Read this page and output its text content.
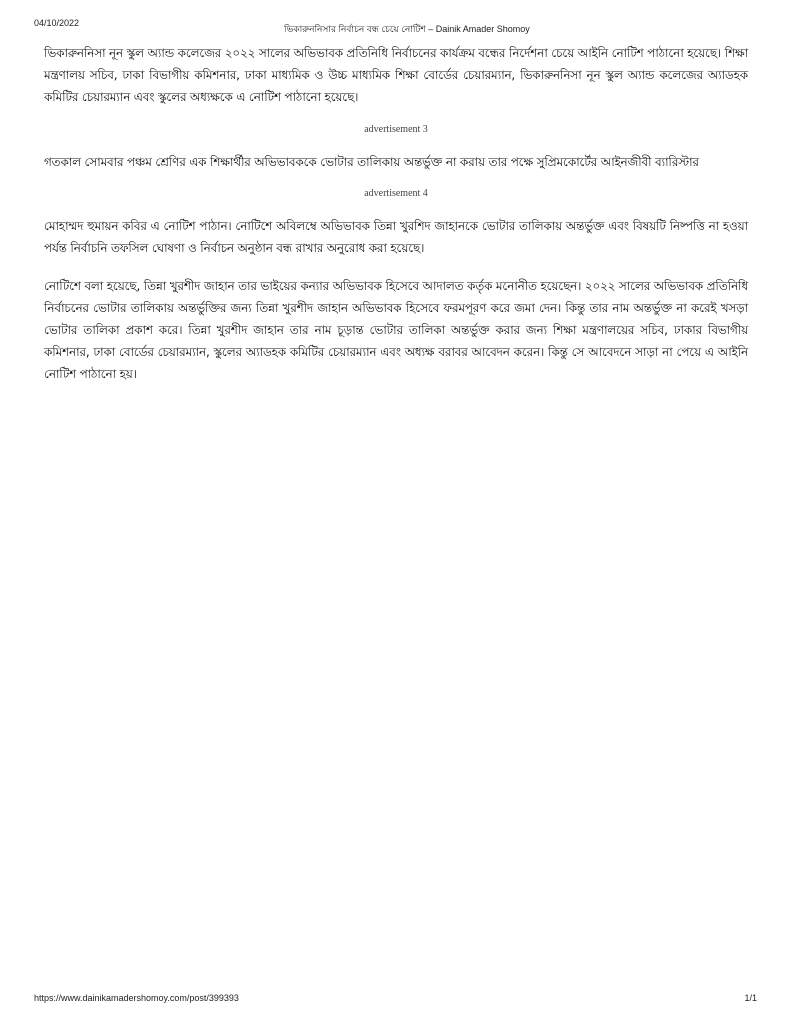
04/10/2022
ভিকারুননিসার নির্বাচন বন্ধ চেয়ে নোটিশ – Dainik Amader Shomoy

ভিকারুননিসা নূন স্কুল অ্যান্ড কলেজের ২০২২ সালের অভিভাবক প্রতিনিধি নির্বাচনের কার্যক্রম বন্ধের নির্দেশনা চেয়ে আইনি নোটিশ পাঠানো হয়েছে। শিক্ষা মন্ত্রণালয় সচিব, ঢাকা বিভাগীয় কমিশনার, ঢাকা মাধ্যমিক ও উচ্চ মাধ্যমিক শিক্ষা বোর্ডের চেয়ারম্যান, ভিকারুননিসা নূন স্কুল অ্যান্ড কলেজের অ্যাডহক কমিটির চেয়ারম্যান এবং স্কুলের অধ্যক্ষকে এ নোটিশ পাঠানো হয়েছে।

advertisement 3

গতকাল সোমবার পঞ্চম শ্রেণির এক শিক্ষার্থীর অভিভাবককে ভোটার তালিকায় অন্তর্ভুক্ত না করায় তার পক্ষে সুপ্রিমকোর্টের আইনজীবী ব্যারিস্টার

advertisement 4

মোহাম্মদ হুমায়ন কবির এ নোটিশ পাঠান। নোটিশে অবিলম্বে অভিভাবক তিন্না খুরশিদ জাহানকে ভোটার তালিকায় অন্তর্ভুক্ত এবং বিষয়টি নিষ্পত্তি না হওয়া পর্যন্ত নির্বাচনি তফসিল ঘোষণা ও নির্বাচন অনুষ্ঠান বন্ধ রাখার অনুরোধ করা হয়েছে।

নোটিশে বলা হয়েছে, তিন্না খুরশীদ জাহান তার ভাইয়ের কন্যার অভিভাবক হিসেবে আদালত কর্তৃক মনোনীত হয়েছেন। ২০২২ সালের অভিভাবক প্রতিনিধি নির্বাচনের ভোটার তালিকায় অন্তর্ভুক্তির জন্য তিন্না খুরশীদ জাহান অভিভাবক হিসেবে ফরমপূরণ করে জমা দেন। কিন্তু তার নাম অন্তর্ভুক্ত না করেই খসড়া ভোটার তালিকা প্রকাশ করে। তিন্না খুরশীদ জাহান তার নাম চূড়ান্ত ভোটার তালিকা অন্তর্ভুক্ত করার জন্য শিক্ষা মন্ত্রণালয়ের সচিব, ঢাকার বিভাগীয় কমিশনার, ঢাকা বোর্ডের চেয়ারম্যান, স্কুলের অ্যাডহক কমিটির চেয়ারম্যান এবং অধ্যক্ষ বরাবর আবেদন করেন। কিন্তু সে আবেদনে সাড়া না পেয়ে এ আইনি নোটিশ পাঠানো হয়।

https://www.dainikamadershomoy.com/post/399393	1/1
